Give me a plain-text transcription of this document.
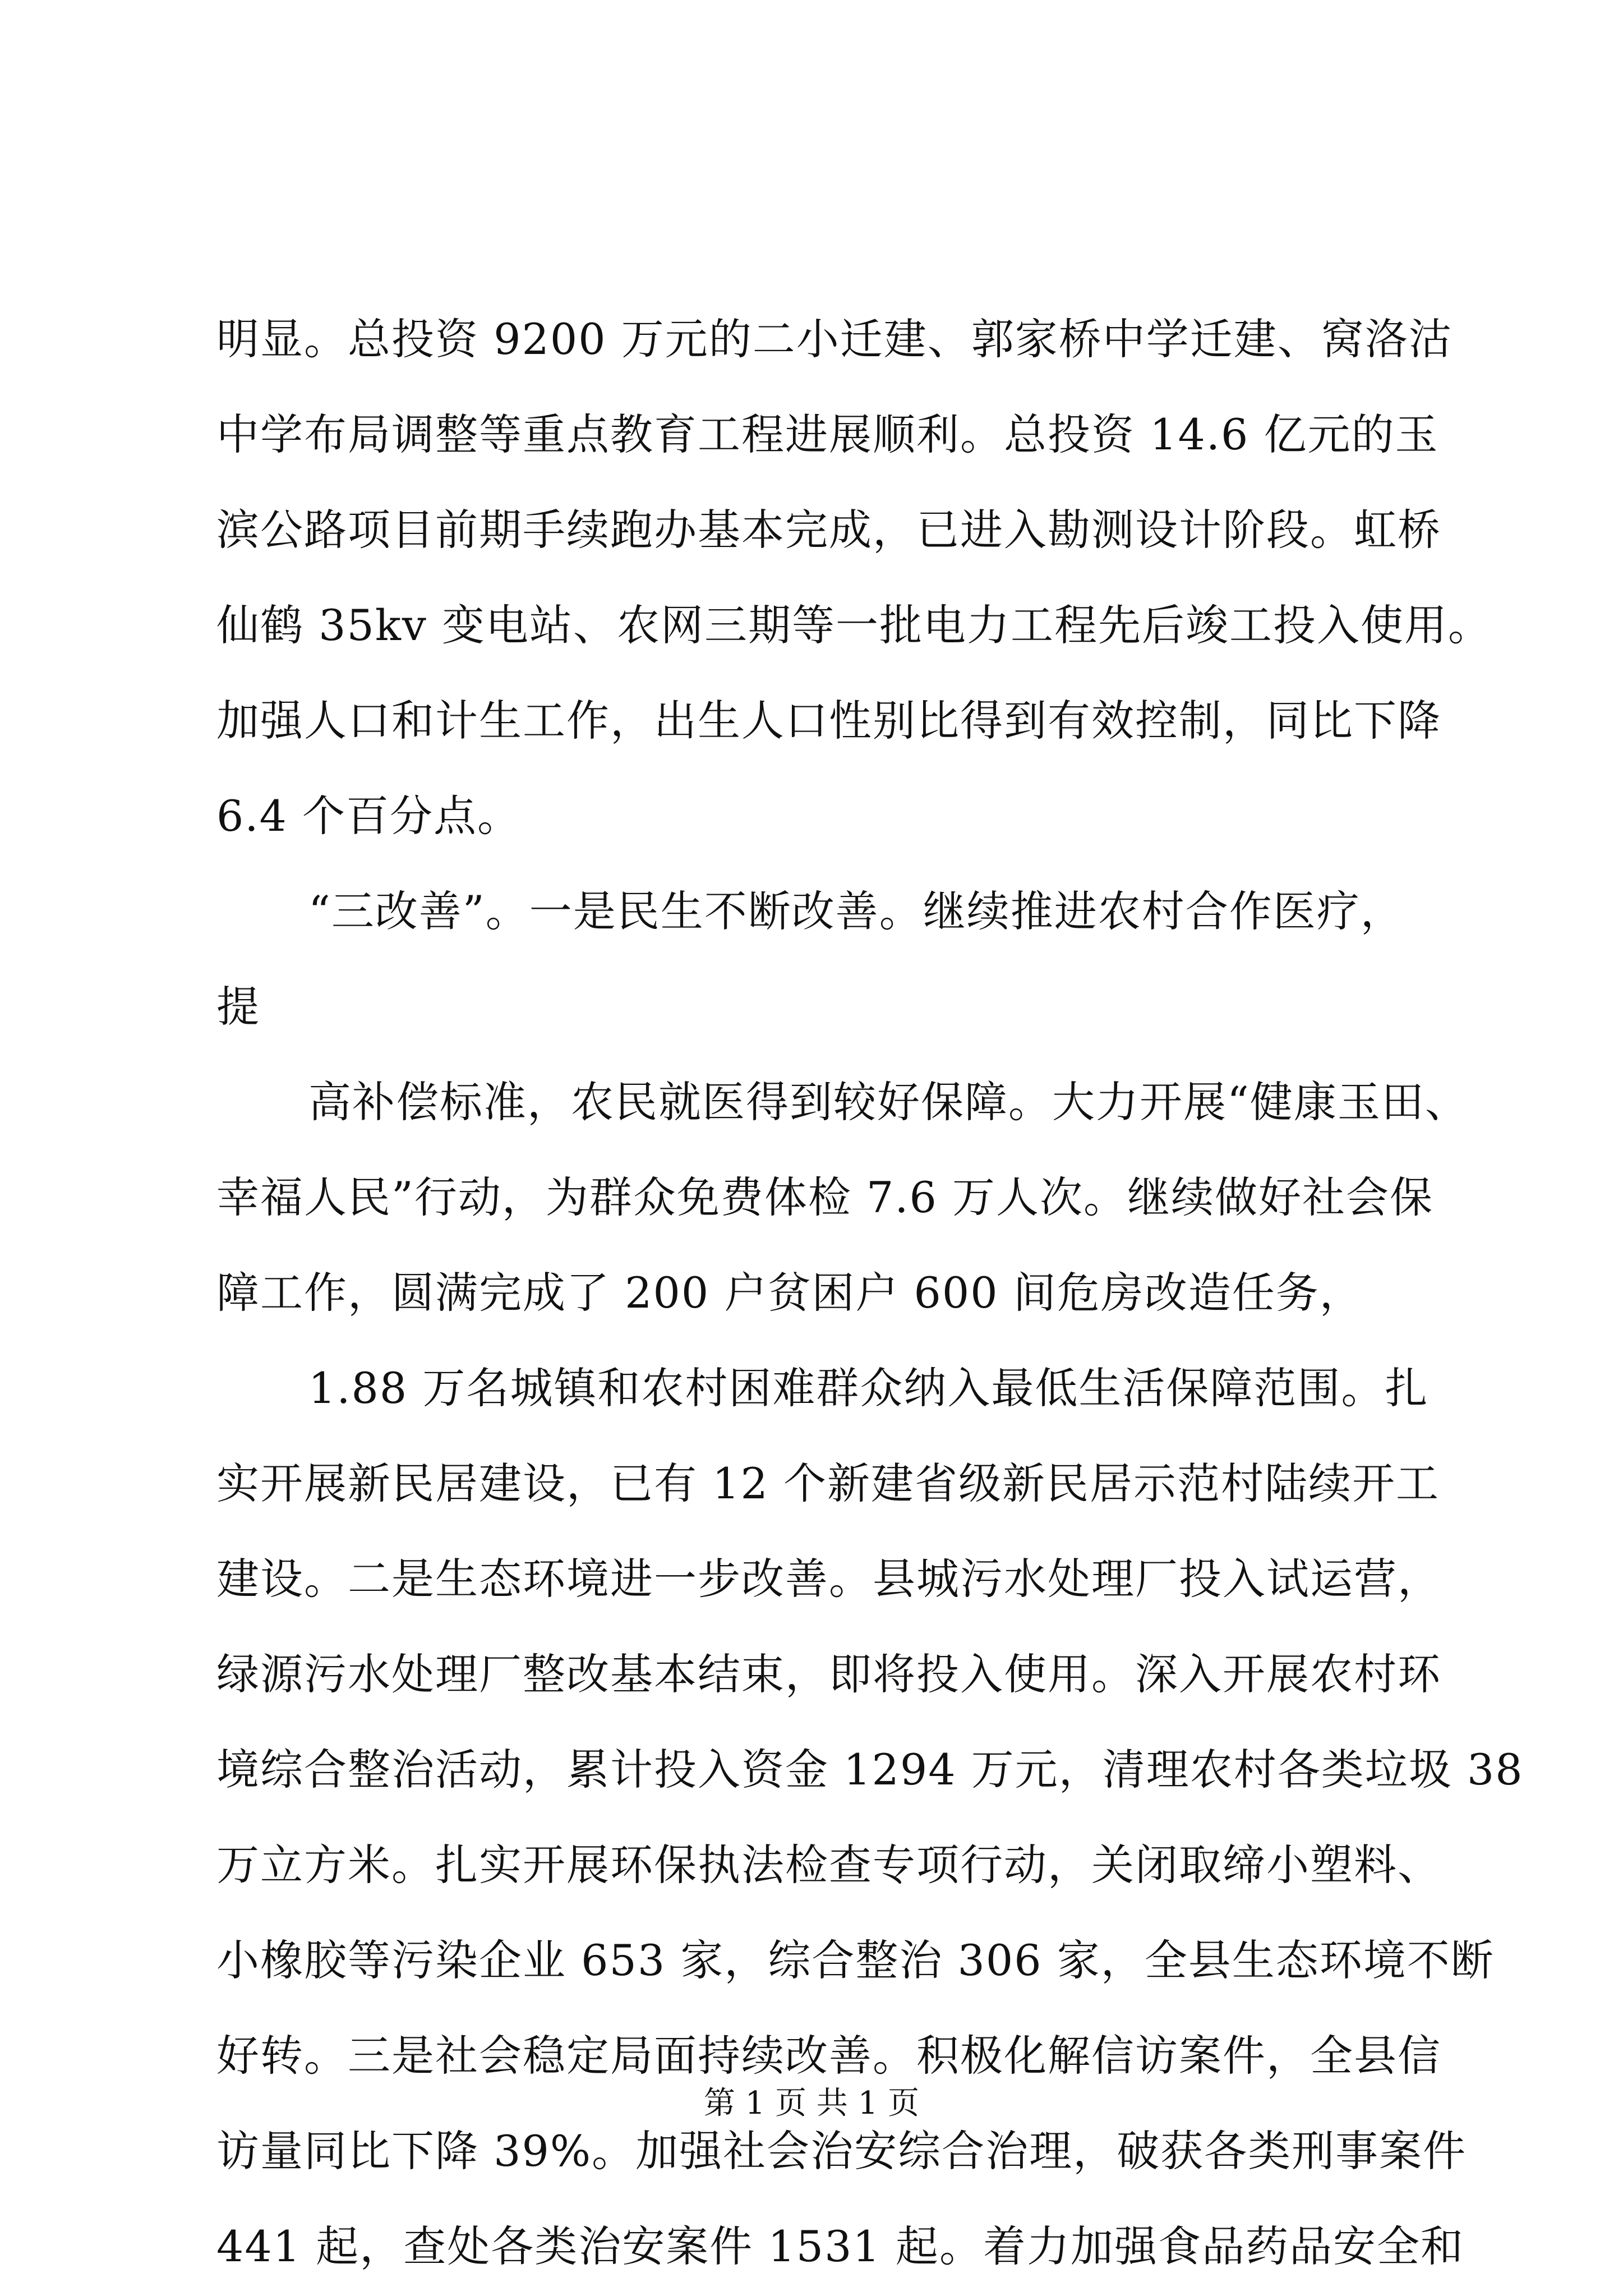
明显。总投资 9200 万元的二小迁建、郭家桥中学迁建、窝洛沽
中学布局调整等重点教育工程进展顺利。总投资 14.6 亿元的玉
滨公路项目前期手续跑办基本完成，已进入勘测设计阶段。虹桥
仙鹤 35kv 变电站、农网三期等一批电力工程先后竣工投入使用。
加强人口和计生工作，出生人口性别比得到有效控制，同比下降
6.4 个百分点。
“三改善”。一是民生不断改善。继续推进农村合作医疗，
提
高补偿标准，农民就医得到较好保障。大力开展“健康玉田、
幸福人民”行动，为群众免费体检 7.6 万人次。继续做好社会保
障工作，圆满完成了 200 户贫困户 600 间危房改造任务，
1.88 万名城镇和农村困难群众纳入最低生活保障范围。扎
实开展新民居建设，已有 12 个新建省级新民居示范村陆续开工
建设。二是生态环境进一步改善。县城污水处理厂投入试运营，
绿源污水处理厂整改基本结束，即将投入使用。深入开展农村环
境综合整治活动，累计投入资金 1294 万元，清理农村各类垃圾 38
万立方米。扎实开展环保执法检查专项行动，关闭取缔小塑料、
小橡胶等污染企业 653 家，综合整治 306 家，全县生态环境不断
好转。三是社会稳定局面持续改善。积极化解信访案件，全县信
访量同比下降 39%。加强社会治安综合治理，破获各类刑事案件
441 起，查处各类治安案件 1531 起。着力加强食品药品安全和
第 1 页 共 1 页
